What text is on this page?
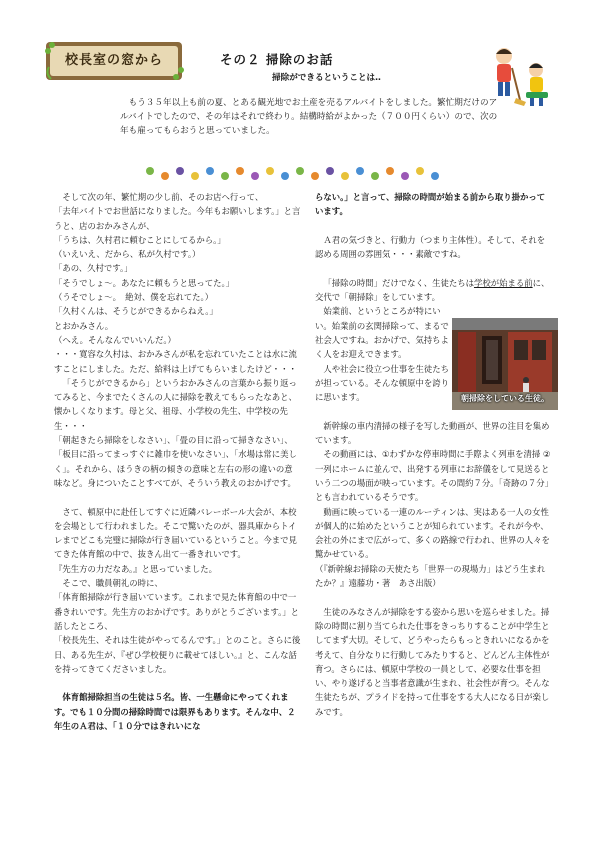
校長室の窓から	その２ 掃除のお話
掃除ができるということは‥

もう３５年以上も前の夏、とある観光地でお土産を売るアルバイトをしました。繁忙期だけのアルバイトでしたので、その年はそれで終わり。結構時給がよかった（７００円くらい）ので、次の年も雇ってもらおうと思っていました。

そして次の年、繁忙期の少し前、そのお店へ行って、

「去年バイトでお世話になりました。今年もお願いします。」と言うと、店のおかみさんが、

「うちは、久村君に頼むことにしてるから。」

（いえいえ、だから、私が久村です。）

「あの、久村です。」

「そうでしょ～。あなたに頼もうと思ってた。」

（うそでしょ～。　絶対、僕を忘れてた。）

「久村くんは、そうじができるからねえ。」

とおかみさん。

（へえ。そんなんでいいんだ。）

・・・寛容な久村は、おかみさんが私を忘れていたことは水に流すことにしました。ただ、給料は上げてもらいましたけど・・・

「そうじができるから」というおかみさんの言葉から振り返ってみると、今までたくさんの人に掃除を教えてもらったなあと、懐かしくなります。母と父、祖母、小学校の先生、中学校の先生・・・

「朝起きたら掃除をしなさい」、「畳の目に沿って掃きなさい」、「板目に沿ってまっすぐに雑巾を使いなさい」、「水場は常に美しく」。それから、ほうきの柄の傾きの意味と左右の形の違いの意味など。身についたことすべてが、そういう教えのおかげです。

さて、頓原中に赴任してすぐに近隣バレーボール大会が、本校を会場として行われました。そこで驚いたのが、器具庫からトイレまでどこも完璧に掃除が行き届いているということ。今まで見てきた体育館の中で、抜きん出て一番きれいです。

『先生方の力だなあ。』と思っていました。

そこで、職員朝礼の時に、

「体育館掃除が行き届いています。これまで見た体育館の中で一番きれいです。先生方のおかげです。ありがとうございます。」と話したところ、

「校長先生、それは生徒がやってるんです。」とのこと。さらに後日、ある先生が、『ぜひ学校便りに載せてほしい。』と、こんな話を持ってきてくださいました。

体育館掃除担当の生徒は５名。皆、一生懸命にやってくれます。でも１０分間の掃除時間では限界もあります。そんな中、２年生のＡ君は、「１０分ではきれいにな

らない。」と言って、掃除の時間が始まる前から取り掛かっています。

Ａ君の気づきと、行動力（つまり主体性）。そして、それを認める周囲の雰囲気・・・素敵ですね。

「掃除の時間」だけでなく、生徒たちは学校が始まる前に、交代で「朝掃除」をしています。

始業前、というところが特にいい。始業前の玄関掃除って、まるで社会人ですね。おかげで、気持ちよく人をお迎えできます。

人や社会に役立つ仕事を生徒たちが担っている。そんな頓原中を誇りに思います。

新幹線の車内清掃の様子を写した動画が、世界の注目を集めています。

その動画には、①わずかな停車時間に手際よく列車を清掃 ②一列にホームに並んで、出発する列車にお辞儀をして見送るという二つの場面が映っています。その間約７分。「奇跡の７分」とも言われているそうです。

動画に映っている一連のルーティンは、実はある一人の女性が個人的に始めたということが知られています。それが今や、会社の外にまで広がって、多くの路線で行われ、世界の人々を驚かせている。

（『新幹線お掃除の天使たち「世界一の現場力」はどう生まれたか？』遠藤功・著　あさ出版）

生徒のみなさんが掃除をする姿から思いを巡らせました。掃除の時間に割り当てられた仕事をきっちりすることが中学生としてまず大切。そして、どうやったらもっときれいになるかを考えて、自分なりに行動してみたりすると、どんどん主体性が育つ。さらには、頓原中学校の一員として、必要な仕事を担い、やり遂げると当事者意識が生まれ、社会性が育つ。そんな生徒たちが、プライドを持って仕事をする大人になる日が楽しみです。

朝掃除をしている生徒。
